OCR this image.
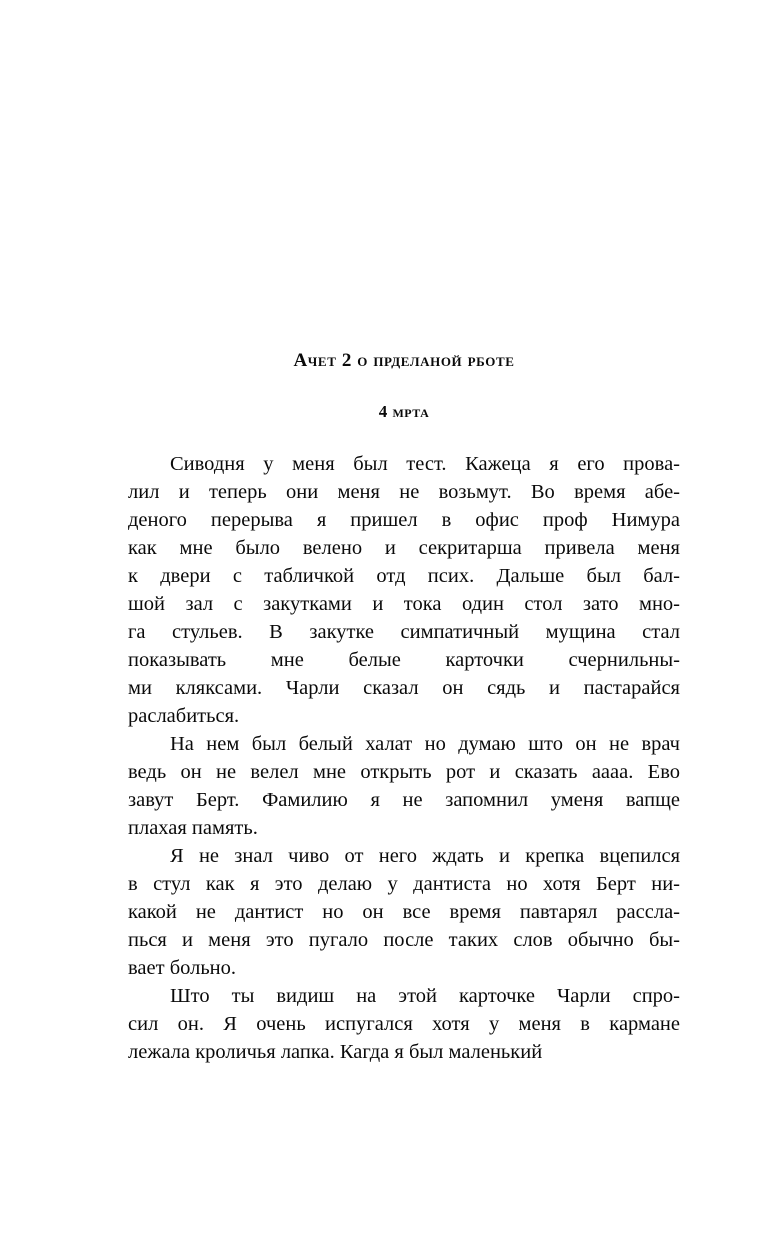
Ачет 2 о прделаной рботе
4 мрта

Сиводня у меня был тест. Кажеца я его прова-
лил и теперь они меня не возьмут. Во время абе-
деного перерыва я пришел в офис проф Нимура
как мне было велено и секритарша привела меня
к двери с табличкой отд псих. Дальше был бал-
шой зал с закутками и тока один стол зато мно-
га стульев. В закутке симпатичный мущина стал
показывать мне белые карточки счернильны-
ми кляксами. Чарли сказал он сядь и пастарайся
раслабиться.

На нем был белый халат но думаю што он не врач
ведь он не велел мне открыть рот и сказать аааа. Ево
завут Берт. Фамилию я не запомнил уменя вапще
плахая память.

Я не знал чиво от него ждать и крепка вцепился
в стул как я это делаю у дантиста но хотя Берт ни-
какой не дантист но он все время павтарял рассла-
пься и меня это пугало после таких слов обычно бы-
вает больно.

Што ты видиш на этой карточке Чарли спро-
сил он. Я очень испугался хотя у меня в кармане
лежала кроличья лапка. Кагда я был маленький
